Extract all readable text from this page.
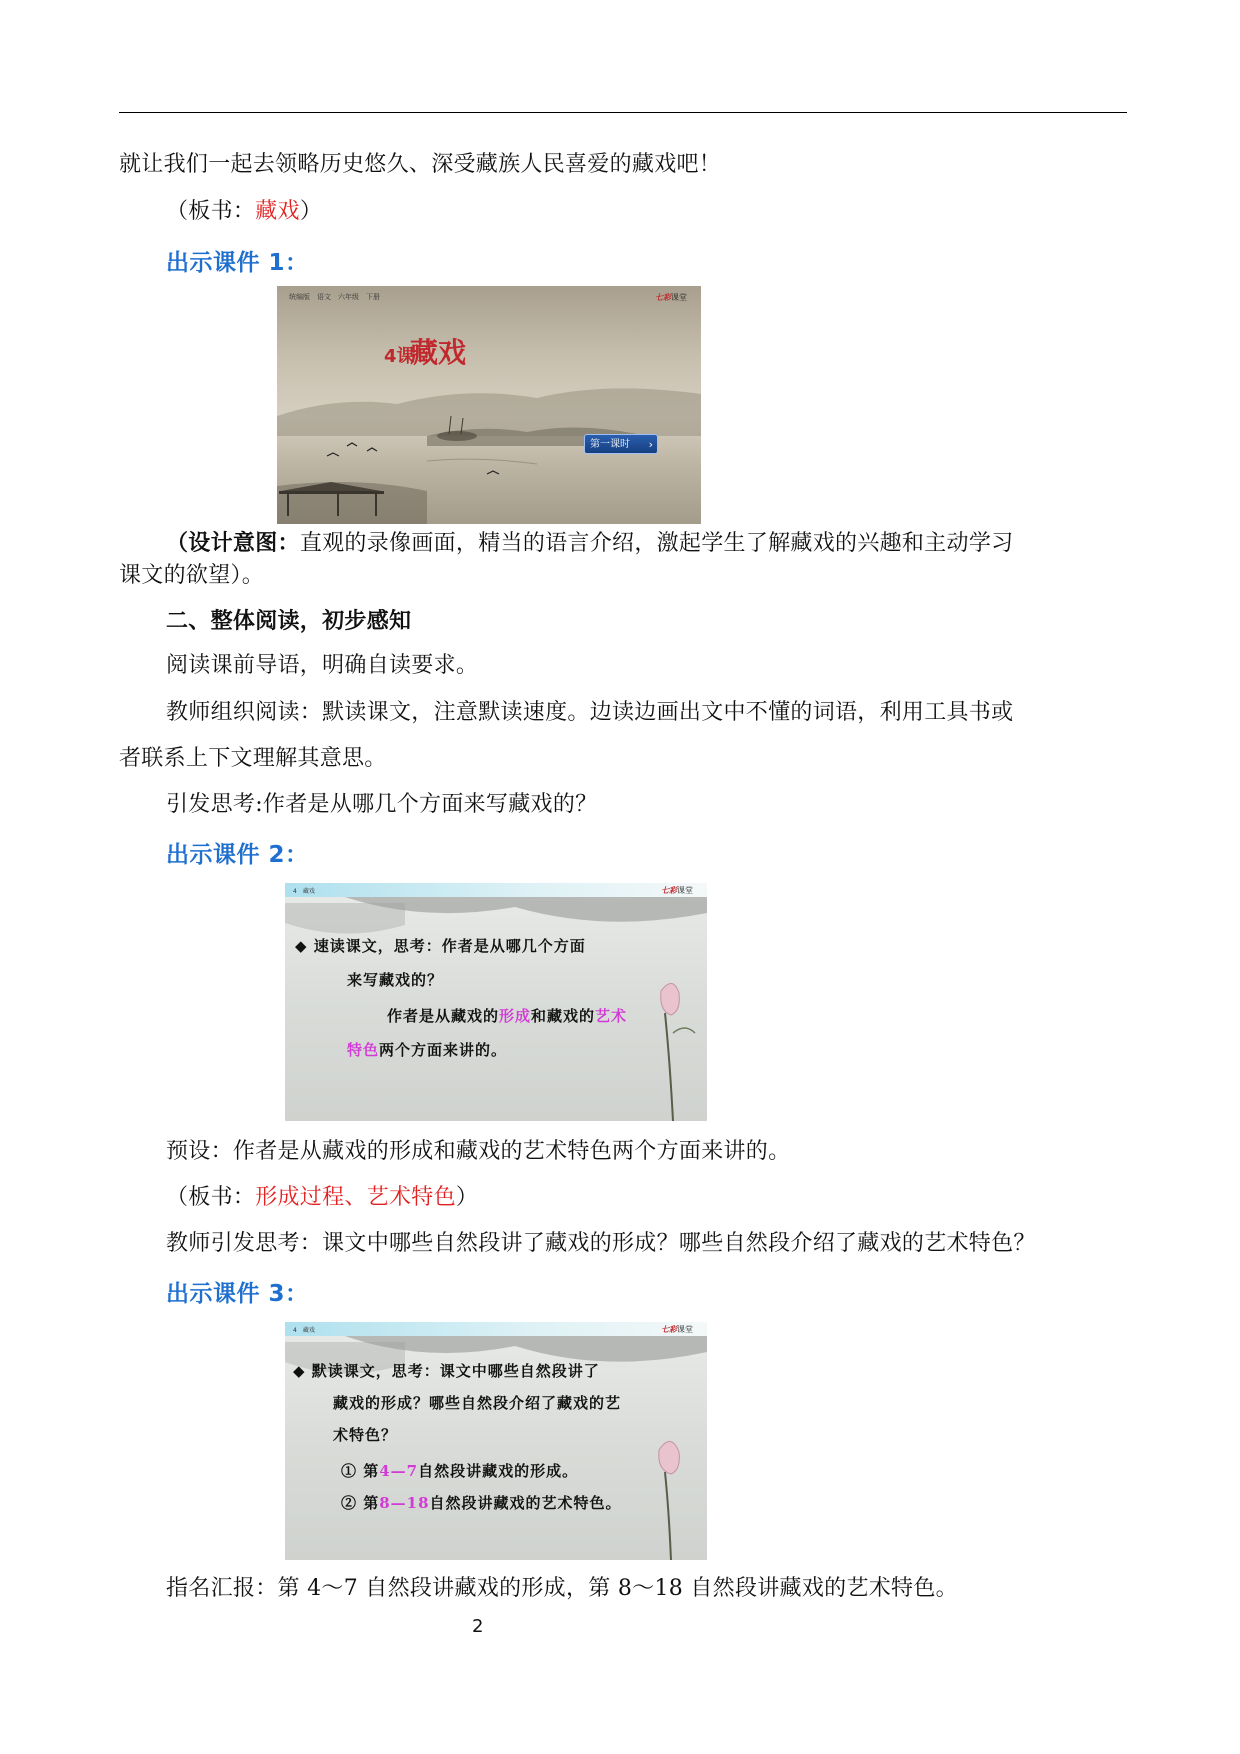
就让我们一起去领略历史悠久、深受藏族人民喜爱的藏戏吧！
（板书：藏戏）
出示课件 1：
统编版　语文　六年级　下册	七彩课堂
4课
藏戏
第一课时 ›
（设计意图：直观的录像画面，精当的语言介绍，激起学生了解藏戏的兴趣和主动学习
课文的欲望）。
二、整体阅读，初步感知
阅读课前导语，明确自读要求。
教师组织阅读：默读课文，注意默读速度。边读边画出文中不懂的词语，利用工具书或
者联系上下文理解其意思。
引发思考:作者是从哪几个方面来写藏戏的？
出示课件 2：
4　藏戏	七彩课堂
◆ 速读课文，思考：作者是从哪几个方面
来写藏戏的？
作者是从藏戏的形成和藏戏的艺术
特色两个方面来讲的。
预设：作者是从藏戏的形成和藏戏的艺术特色两个方面来讲的。
（板书：形成过程、艺术特色）
教师引发思考：课文中哪些自然段讲了藏戏的形成？哪些自然段介绍了藏戏的艺术特色？
出示课件 3：
4　藏戏	七彩课堂
◆ 默读课文，思考：课文中哪些自然段讲了
藏戏的形成？哪些自然段介绍了藏戏的艺
术特色？
① 第4—7自然段讲藏戏的形成。
② 第8—18自然段讲藏戏的艺术特色。
指名汇报：第 4～7 自然段讲藏戏的形成，第 8～18 自然段讲藏戏的艺术特色。
2
